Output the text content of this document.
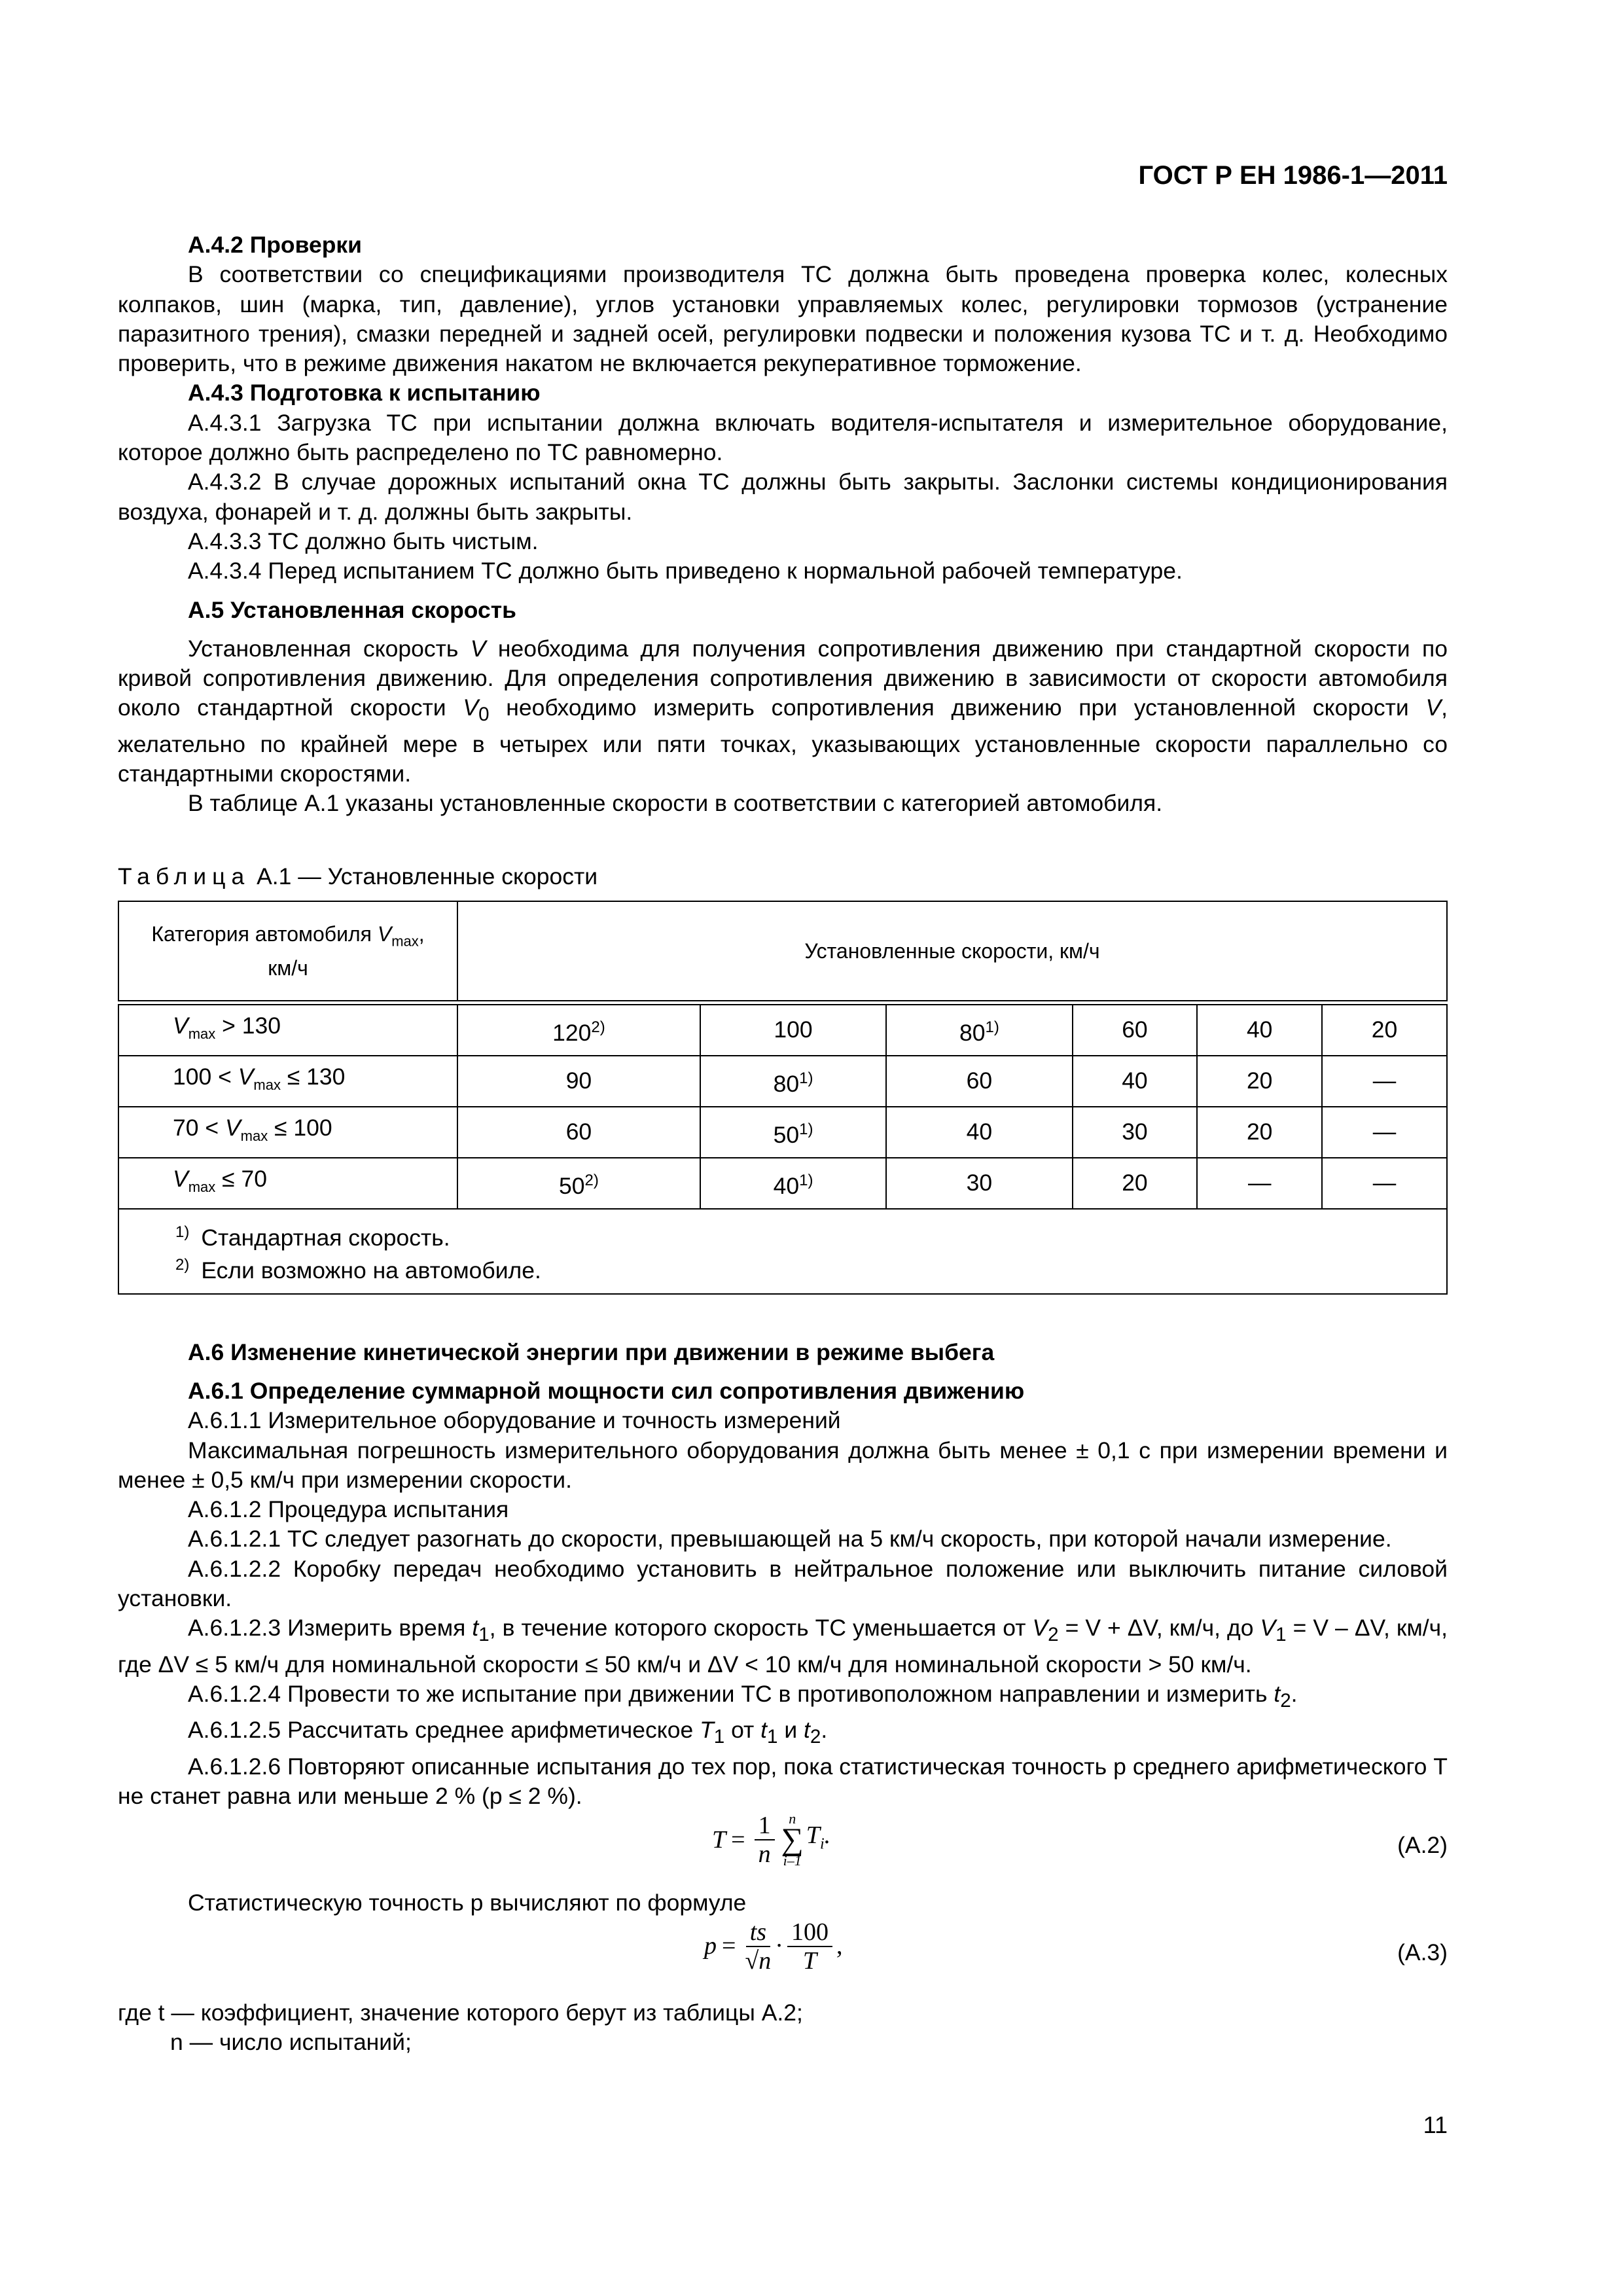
ГОСТ Р ЕН 1986-1—2011
А.4.2 Проверки
В соответствии со спецификациями производителя ТС должна быть проведена проверка колес, колесных колпаков, шин (марка, тип, давление), углов установки управляемых колес, регулировки тормозов (устранение паразитного трения), смазки передней и задней осей, регулировки подвески и положения кузова ТС и т. д. Необходимо проверить, что в режиме движения накатом не включается рекуперативное торможение.
А.4.3 Подготовка к испытанию
А.4.3.1 Загрузка ТС при испытании должна включать водителя-испытателя и измерительное оборудование, которое должно быть распределено по ТС равномерно.
А.4.3.2 В случае дорожных испытаний окна ТС должны быть закрыты. Заслонки системы кондиционирования воздуха, фонарей и т. д. должны быть закрыты.
А.4.3.3 ТС должно быть чистым.
А.4.3.4 Перед испытанием ТС должно быть приведено к нормальной рабочей температуре.
А.5 Установленная скорость
Установленная скорость V необходима для получения сопротивления движению при стандартной скорости по кривой сопротивления движению. Для определения сопротивления движению в зависимости от скорости автомобиля около стандартной скорости $V_0$ необходимо измерить сопротивления движению при установленной скорости V, желательно по крайней мере в четырех или пяти точках, указывающих установленные скорости параллельно со стандартными скоростями.
В таблице А.1 указаны установленные скорости в соответствии с категорией автомобиля.
Таблица А.1 — Установленные скорости
Категория автомобиля $V_{max}$,
км/ч	Установленные скорости, км/ч					

$V_{max} > 130$	120$^{2)}$	100	80$^{1)}$	60	40	20
$100 < V_{max} \le 130$	90	80$^{1)}$	60	40	20	—
$70 < V_{max} \le 100$	60	50$^{1)}$	40	30	20	—
$V_{max} \le 70$	50$^{2)}$	40$^{1)}$	30	20	—	—

$^{1)}$ Стандартная скорость.
$^{2)}$ Если возможно на автомобиле.						
А.6 Изменение кинетической энергии при движении в режиме выбега
А.6.1 Определение суммарной мощности сил сопротивления движению
А.6.1.1 Измерительное оборудование и точность измерений
Максимальная погрешность измерительного оборудования должна быть менее ± 0,1 с при измерении времени и менее ± 0,5 км/ч при измерении скорости.
А.6.1.2 Процедура испытания
А.6.1.2.1 ТС следует разогнать до скорости, превышающей на 5 км/ч скорость, при которой начали измерение.
А.6.1.2.2 Коробку передач необходимо установить в нейтральное положение или выключить питание силовой установки.
А.6.1.2.3 Измерить время $t_1$, в течение которого скорость ТС уменьшается от $V_2 = V + \Delta V$, км/ч, до $V_1 = V - \Delta V$, км/ч, где ΔV ≤ 5 км/ч для номинальной скорости ≤ 50 км/ч и ΔV < 10 км/ч для номинальной скорости > 50 км/ч.
А.6.1.2.4 Провести то же испытание при движении ТС в противоположном направлении и измерить $t_2$.
А.6.1.2.5 Рассчитать среднее арифметическое $T_1$ от $t_1$ и $t_2$.
А.6.1.2.6 Повторяют описанные испытания до тех пор, пока статистическая точность p среднего арифметического T не станет равна или меньше 2 % (p ≤ 2 %).
$T = \frac{1}{n}$ n
∑
i–1
$T_i$.	(А.2)
Статистическую точность p вычисляют по формуле
$p = \frac{ts}{√n} \cdot \frac{100}{T}$ ,	(А.3)
где t — коэффициент, значение которого берут из таблицы А.2;
n — число испытаний;
11
